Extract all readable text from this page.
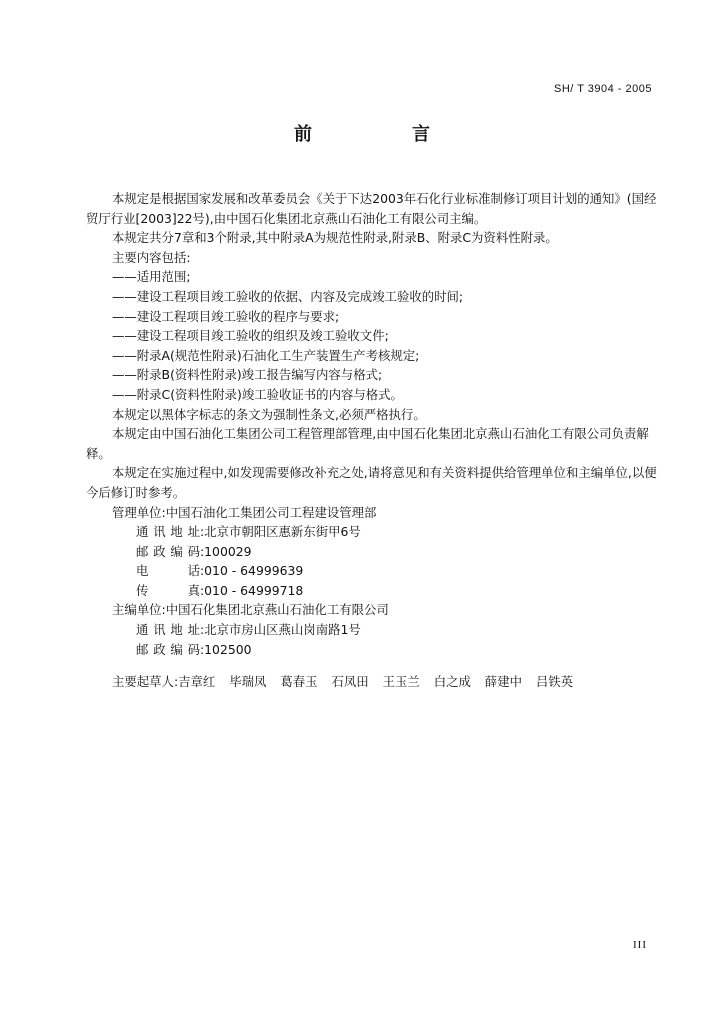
SH/ T 3904 - 2005
前	言

本规定是根据国家发展和改革委员会《关于下达2003年石化行业标准制修订项目计划的通知》(国经贸厅行业[2003]22号),由中国石化集团北京燕山石油化工有限公司主编。

本规定共分7章和3个附录,其中附录A为规范性附录,附录B、附录C为资料性附录。

主要内容包括:

——适用范围;

——建设工程项目竣工验收的依据、内容及完成竣工验收的时间;

——建设工程项目竣工验收的程序与要求;

——建设工程项目竣工验收的组织及竣工验收文件;

——附录A(规范性附录)石油化工生产装置生产考核规定;

——附录B(资料性附录)竣工报告编写内容与格式;

——附录C(资料性附录)竣工验收证书的内容与格式。

本规定以黑体字标志的条文为强制性条文,必须严格执行。

本规定由中国石油化工集团公司工程管理部管理,由中国石化集团北京燕山石油化工有限公司负责解释。

本规定在实施过程中,如发现需要修改补充之处,请将意见和有关资料提供给管理单位和主编单位,以便今后修订时参考。

管理单位:中国石油化工集团公司工程建设管理部

通讯地址 :北京市朝阳区惠新东街甲6号

邮政编码 :100029

电话 :010 - 64999639

传真 :010 - 64999718

主编单位:中国石化集团北京燕山石油化工有限公司

通讯地址 :北京市房山区燕山岗南路1号

邮政编码 :102500

主要起草人:吉章红 毕瑞凤 葛春玉 石凤田 王玉兰 白之成 薛建中 吕铁英

III
